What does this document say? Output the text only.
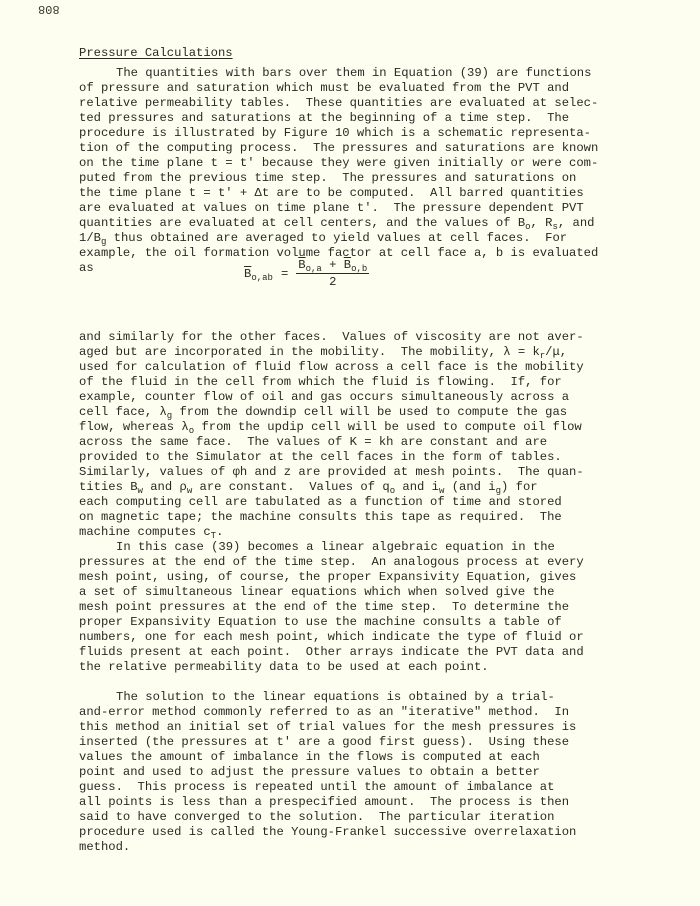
808
Pressure Calculations
The quantities with bars over them in Equation (39) are functions
of pressure and saturation which must be evaluated from the PVT and
relative permeability tables.  These quantities are evaluated at selec-
ted pressures and saturations at the beginning of a time step.  The
procedure is illustrated by Figure 10 which is a schematic representa-
tion of the computing process.  The pressures and saturations are known
on the time plane t = t' because they were given initially or were com-
puted from the previous time step.  The pressures and saturations on
the time plane t = t' + Δt are to be computed.  All barred quantities
are evaluated at values on time plane t'.  The pressure dependent PVT
quantities are evaluated at cell centers, and the values of $B_o$, $R_s$, and
$1/B_g$ thus obtained are averaged to yield values at cell faces.  For
example, the oil formation volume factor at cell face a, b is evaluated
as	$\overline{B}_{o,ab} = \frac{\overline{B}_{o,a} + \overline{B}_{o,b}}{2}$
and similarly for the other faces.  Values of viscosity are not aver-
aged but are incorporated in the mobility.  The mobility, $\lambda = k_r/\mu$,
used for calculation of fluid flow across a cell face is the mobility
of the fluid in the cell from which the fluid is flowing.  If, for
example, counter flow of oil and gas occurs simultaneously across a
cell face, $\lambda_g$ from the downdip cell will be used to compute the gas
flow, whereas $\lambda_o$ from the updip cell will be used to compute oil flow
across the same face.  The values of K = kh are constant and are
provided to the Simulator at the cell faces in the form of tables.
Similarly, values of φh and z are provided at mesh points.  The quan-
tities $B_w$ and $\rho_w$ are constant.  Values of $q_o$ and $i_w$ (and $i_g$) for
each computing cell are tabulated as a function of time and stored
on magnetic tape; the machine consults this tape as required.  The
machine computes $c_T$.
In this case (39) becomes a linear algebraic equation in the
pressures at the end of the time step.  An analogous process at every
mesh point, using, of course, the proper Expansivity Equation, gives
a set of simultaneous linear equations which when solved give the
mesh point pressures at the end of the time step.  To determine the
proper Expansivity Equation to use the machine consults a table of
numbers, one for each mesh point, which indicate the type of fluid or
fluids present at each point.  Other arrays indicate the PVT data and
the relative permeability data to be used at each point.
The solution to the linear equations is obtained by a trial-
and-error method commonly referred to as an "iterative" method.  In
this method an initial set of trial values for the mesh pressures is
inserted (the pressures at t' are a good first guess).  Using these
values the amount of imbalance in the flows is computed at each
point and used to adjust the pressure values to obtain a better
guess.  This process is repeated until the amount of imbalance at
all points is less than a prespecified amount.  The process is then
said to have converged to the solution.  The particular iteration
procedure used is called the Young-Frankel successive overrelaxation
method.
